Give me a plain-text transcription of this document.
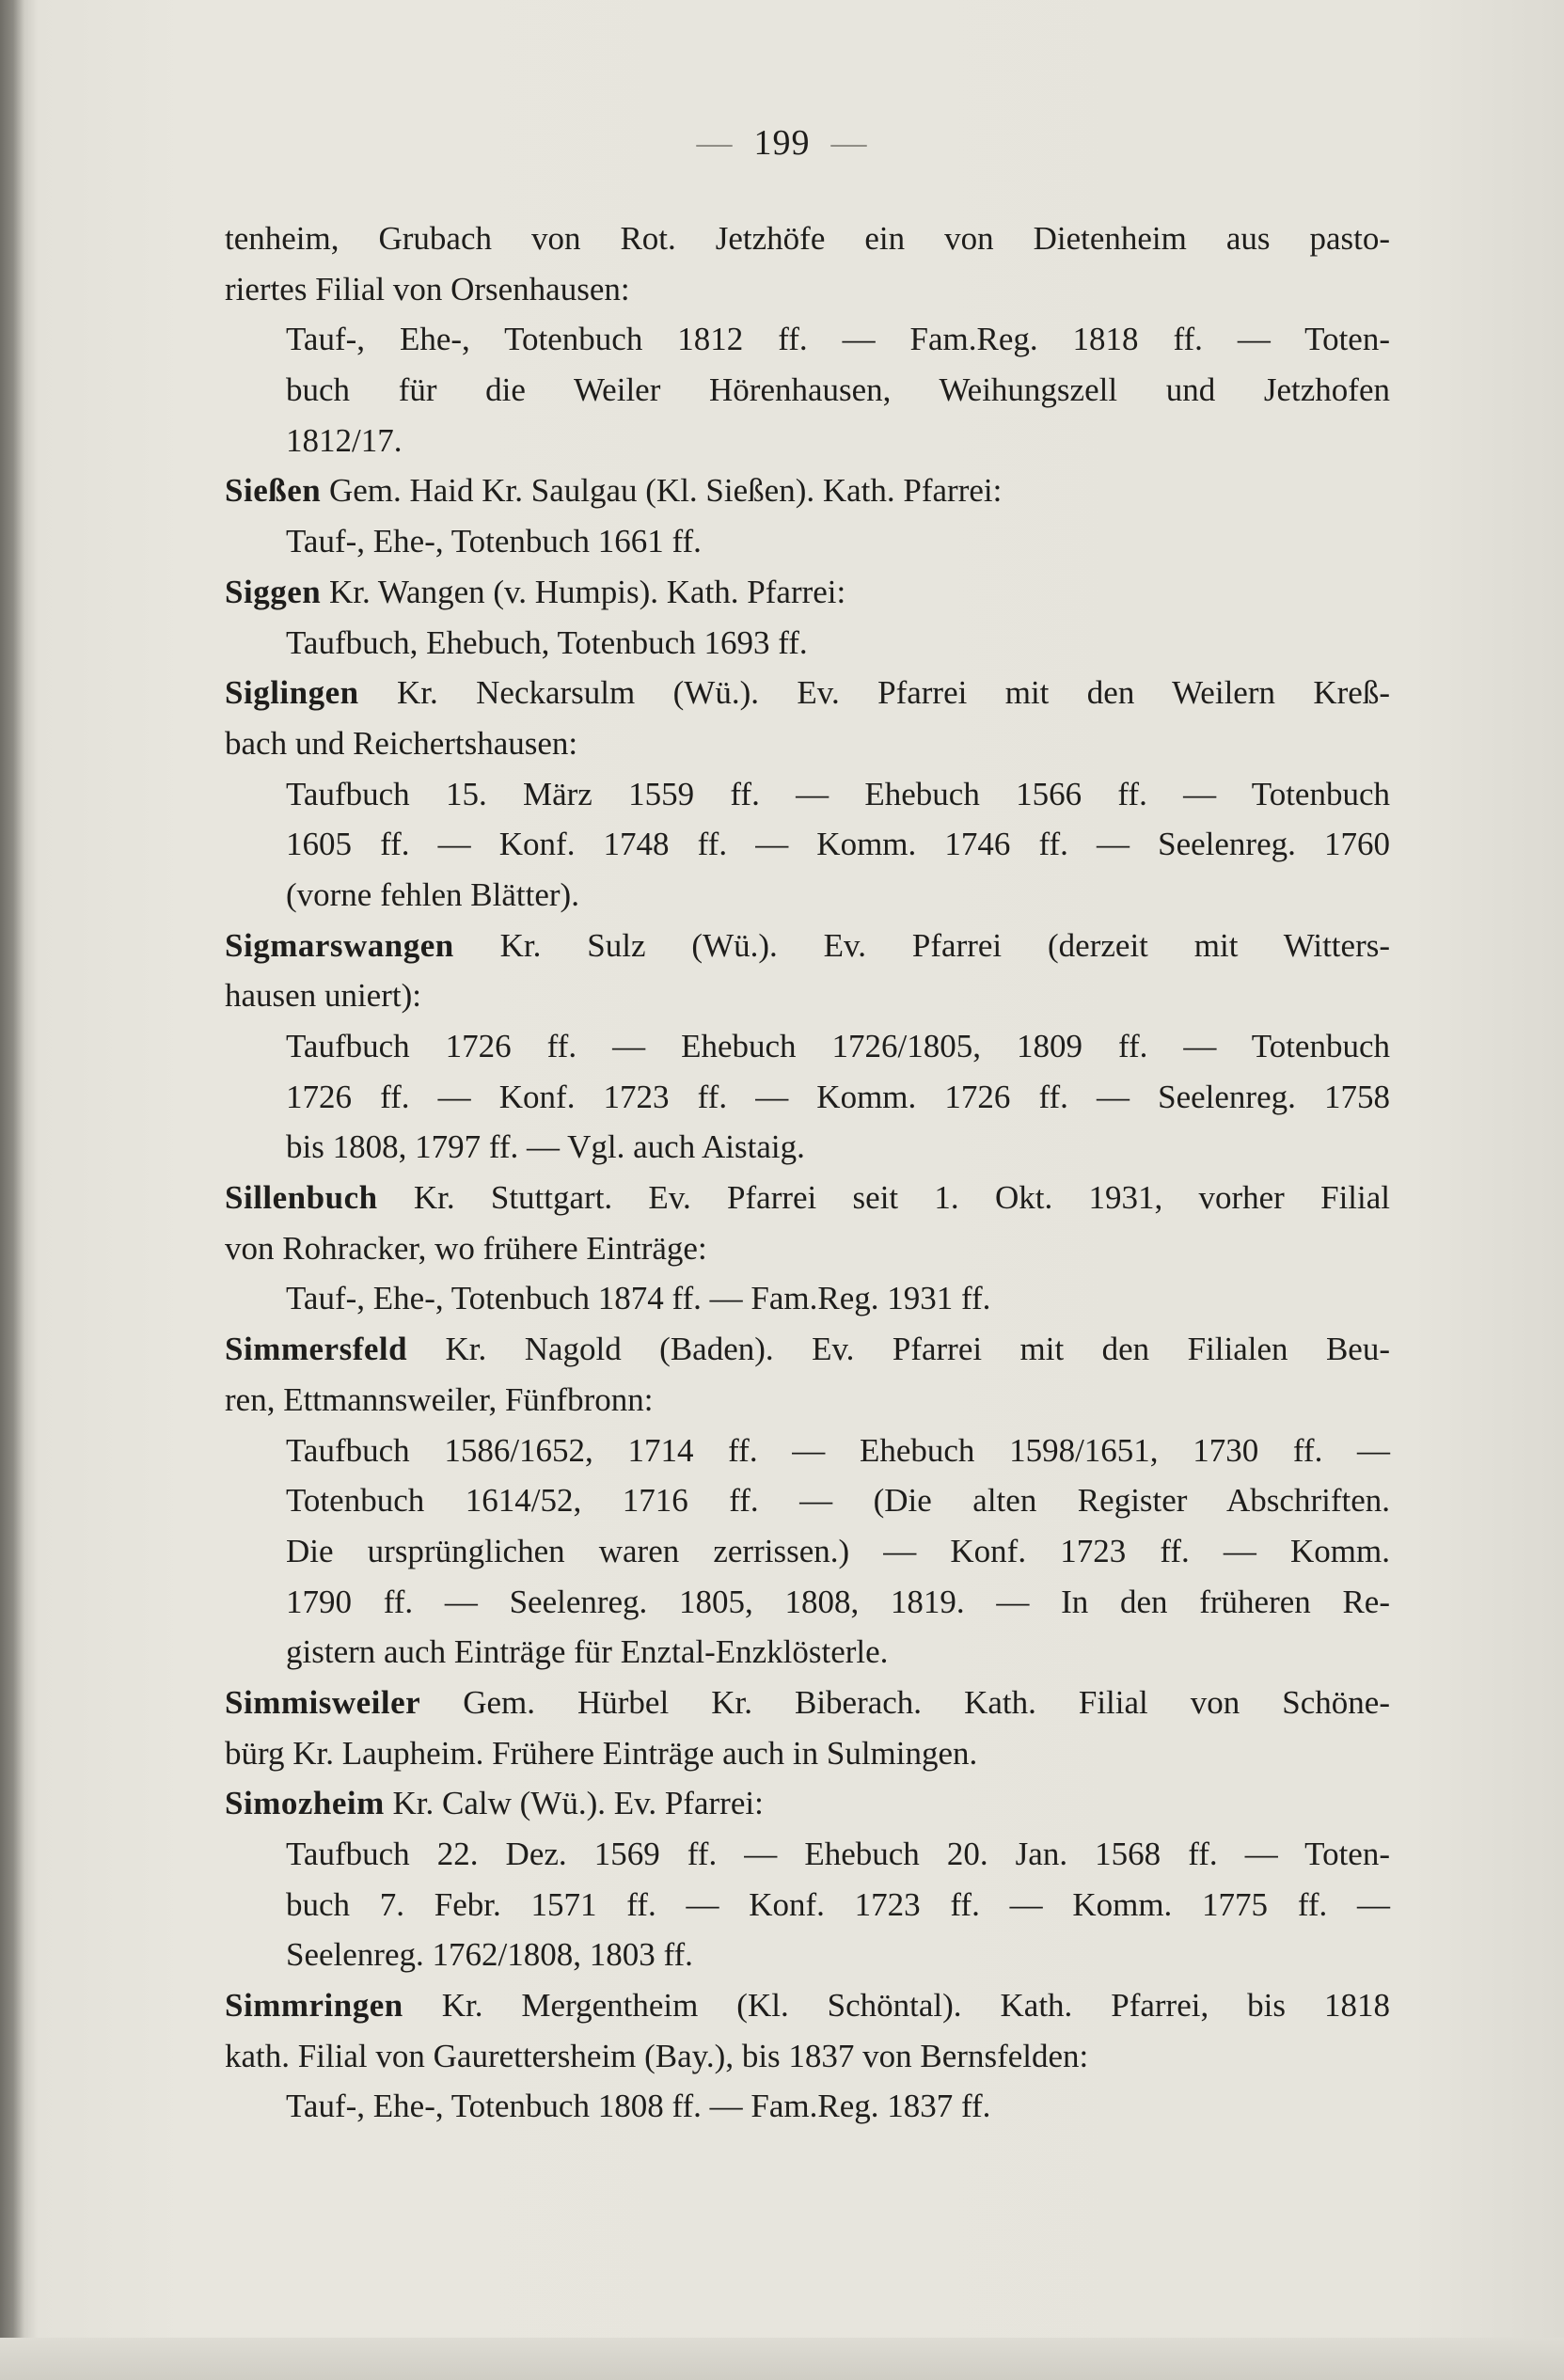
— 199 —
tenheim, Grubach von Rot. Jetzhöfe ein von Dietenheim aus pasto-
riertes Filial von Orsenhausen:
Tauf-, Ehe-, Totenbuch 1812 ff. — Fam.Reg. 1818 ff. — Toten-
buch für die Weiler Hörenhausen, Weihungszell und Jetzhofen
1812/17.
Sießen Gem. Haid Kr. Saulgau (Kl. Sießen). Kath. Pfarrei:
Tauf-, Ehe-, Totenbuch 1661 ff.
Siggen Kr. Wangen (v. Humpis). Kath. Pfarrei:
Taufbuch, Ehebuch, Totenbuch 1693 ff.
Siglingen Kr. Neckarsulm (Wü.). Ev. Pfarrei mit den Weilern Kreß-
bach und Reichertshausen:
Taufbuch 15. März 1559 ff. — Ehebuch 1566 ff. — Totenbuch
1605 ff. — Konf. 1748 ff. — Komm. 1746 ff. — Seelenreg. 1760
(vorne fehlen Blätter).
Sigmarswangen Kr. Sulz (Wü.). Ev. Pfarrei (derzeit mit Witters-
hausen uniert):
Taufbuch 1726 ff. — Ehebuch 1726/1805, 1809 ff. — Totenbuch
1726 ff. — Konf. 1723 ff. — Komm. 1726 ff. — Seelenreg. 1758
bis 1808, 1797 ff. — Vgl. auch Aistaig.
Sillenbuch Kr. Stuttgart. Ev. Pfarrei seit 1. Okt. 1931, vorher Filial
von Rohracker, wo frühere Einträge:
Tauf-, Ehe-, Totenbuch 1874 ff. — Fam.Reg. 1931 ff.
Simmersfeld Kr. Nagold (Baden). Ev. Pfarrei mit den Filialen Beu-
ren, Ettmannsweiler, Fünfbronn:
Taufbuch 1586/1652, 1714 ff. — Ehebuch 1598/1651, 1730 ff. —
Totenbuch 1614/52, 1716 ff. — (Die alten Register Abschriften.
Die ursprünglichen waren zerrissen.) — Konf. 1723 ff. — Komm.
1790 ff. — Seelenreg. 1805, 1808, 1819. — In den früheren Re-
gistern auch Einträge für Enztal-Enzklösterle.
Simmisweiler Gem. Hürbel Kr. Biberach. Kath. Filial von Schöne-
bürg Kr. Laupheim. Frühere Einträge auch in Sulmingen.
Simozheim Kr. Calw (Wü.). Ev. Pfarrei:
Taufbuch 22. Dez. 1569 ff. — Ehebuch 20. Jan. 1568 ff. — Toten-
buch 7. Febr. 1571 ff. — Konf. 1723 ff. — Komm. 1775 ff. —
Seelenreg. 1762/1808, 1803 ff.
Simmringen Kr. Mergentheim (Kl. Schöntal). Kath. Pfarrei, bis 1818
kath. Filial von Gaurettersheim (Bay.), bis 1837 von Bernsfelden:
Tauf-, Ehe-, Totenbuch 1808 ff. — Fam.Reg. 1837 ff.
